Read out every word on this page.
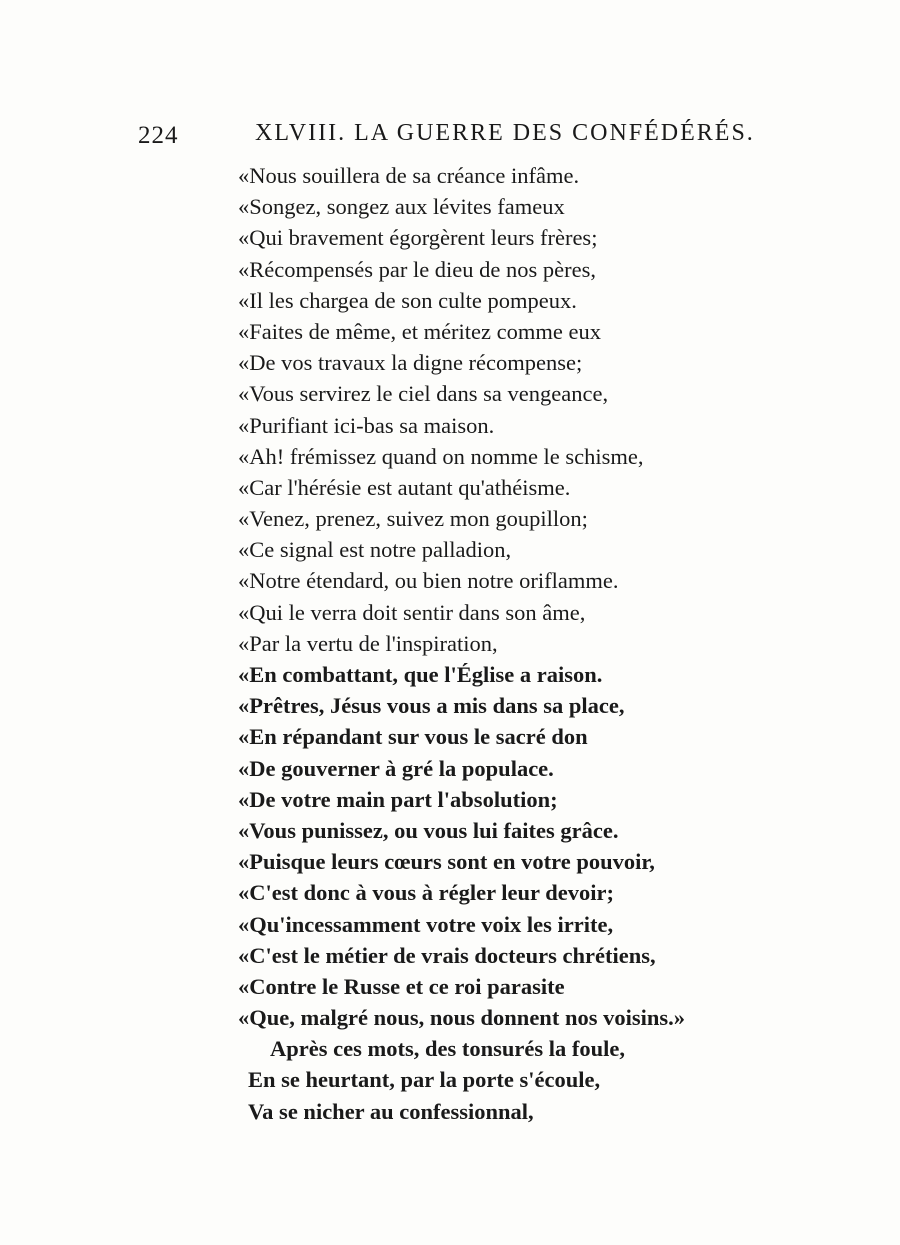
224	XLVIII. LA GUERRE DES CONFÉDÉRÉS.
«Nous souillera de sa créance infâme.
«Songez, songez aux lévites fameux
«Qui bravement égorgèrent leurs frères;
«Récompensés par le dieu de nos pères,
«Il les chargea de son culte pompeux.
«Faites de même, et méritez comme eux
«De vos travaux la digne récompense;
«Vous servirez le ciel dans sa vengeance,
«Purifiant ici-bas sa maison.
«Ah! frémissez quand on nomme le schisme,
«Car l'hérésie est autant qu'athéisme.
«Venez, prenez, suivez mon goupillon;
«Ce signal est notre palladion,
«Notre étendard, ou bien notre oriflamme.
«Qui le verra doit sentir dans son âme,
«Par la vertu de l'inspiration,
«En combattant, que l'Église a raison.
«Prêtres, Jésus vous a mis dans sa place,
«En répandant sur vous le sacré don
«De gouverner à gré la populace.
«De votre main part l'absolution;
«Vous punissez, ou vous lui faites grâce.
«Puisque leurs cœurs sont en votre pouvoir,
«C'est donc à vous à régler leur devoir;
«Qu'incessamment votre voix les irrite,
«C'est le métier de vrais docteurs chrétiens,
«Contre le Russe et ce roi parasite
«Que, malgré nous, nous donnent nos voisins.»
Après ces mots, des tonsurés la foule,
En se heurtant, par la porte s'écoule,
Va se nicher au confessionnal,
